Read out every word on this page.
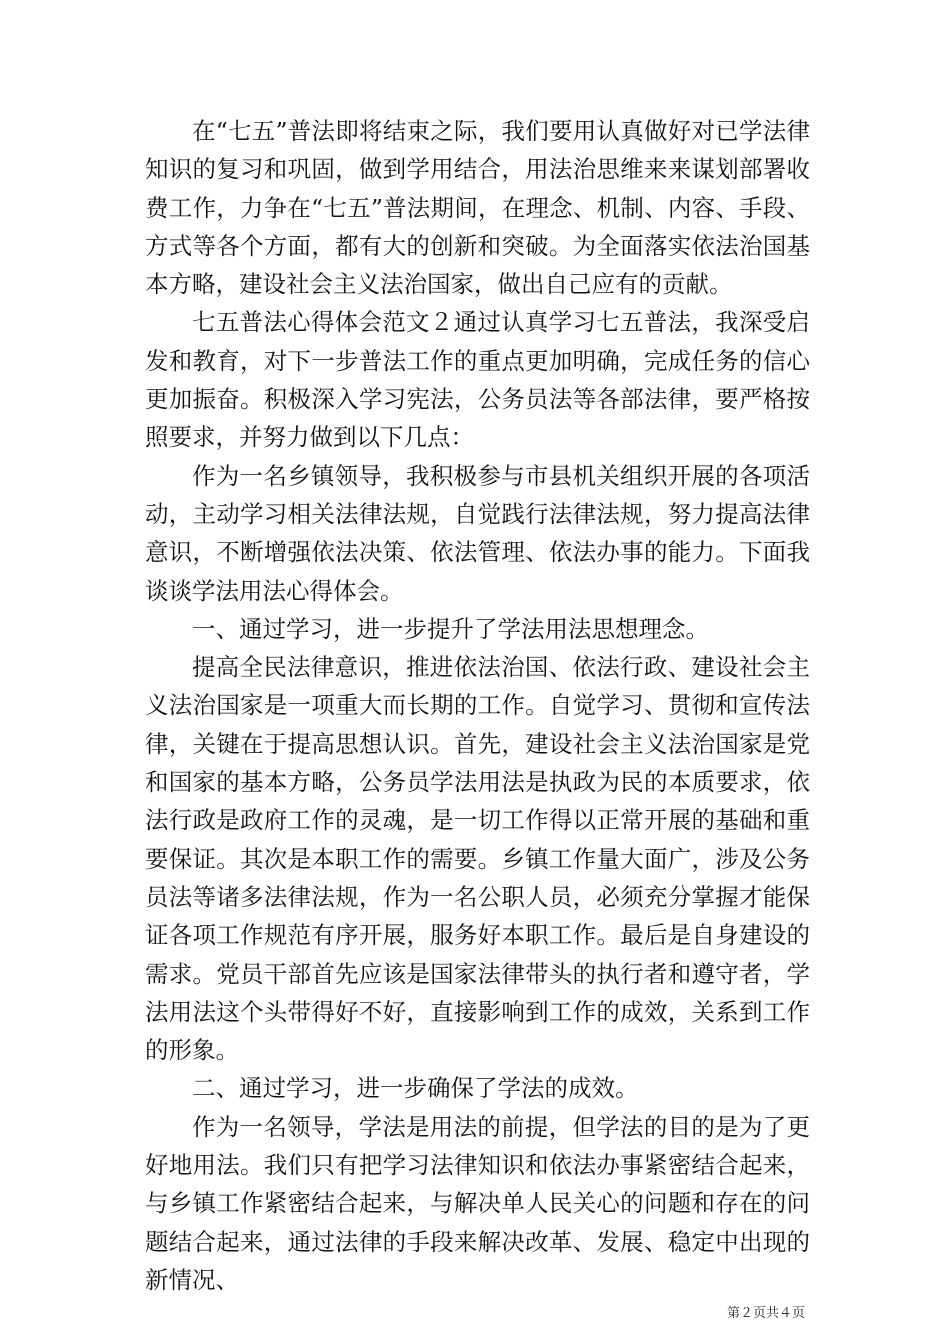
在“七五”普法即将结束之际，我们要用认真做好对已学法律知识的复习和巩固，做到学用结合，用法治思维来来谋划部署收费工作，力争在“七五”普法期间，在理念、机制、内容、手段、方式等各个方面，都有大的创新和突破。为全面落实依法治国基本方略，建设社会主义法治国家，做出自己应有的贡献。

七五普法心得体会范文２通过认真学习七五普法，我深受启发和教育，对下一步普法工作的重点更加明确，完成任务的信心更加振奋。积极深入学习宪法，公务员法等各部法律，要严格按照要求，并努力做到以下几点：

作为一名乡镇领导，我积极参与市县机关组织开展的各项活动，主动学习相关法律法规，自觉践行法律法规，努力提高法律意识，不断增强依法决策、依法管理、依法办事的能力。下面我谈谈学法用法心得体会。

一、通过学习，进一步提升了学法用法思想理念。

提高全民法律意识，推进依法治国、依法行政、建设社会主义法治国家是一项重大而长期的工作。自觉学习、贯彻和宣传法律，关键在于提高思想认识。首先，建设社会主义法治国家是党和国家的基本方略，公务员学法用法是执政为民的本质要求，依法行政是政府工作的灵魂，是一切工作得以正常开展的基础和重要保证。其次是本职工作的需要。乡镇工作量大面广，涉及公务员法等诸多法律法规，作为一名公职人员，必须充分掌握才能保证各项工作规范有序开展，服务好本职工作。最后是自身建设的需求。党员干部首先应该是国家法律带头的执行者和遵守者，学法用法这个头带得好不好，直接影响到工作的成效，关系到工作的形象。

二、通过学习，进一步确保了学法的成效。

作为一名领导，学法是用法的前提，但学法的目的是为了更好地用法。我们只有把学习法律知识和依法办事紧密结合起来，与乡镇工作紧密结合起来，与解决单人民关心的问题和存在的问题结合起来，通过法律的手段来解决改革、发展、稳定中出现的新情况、

第２页共４页
